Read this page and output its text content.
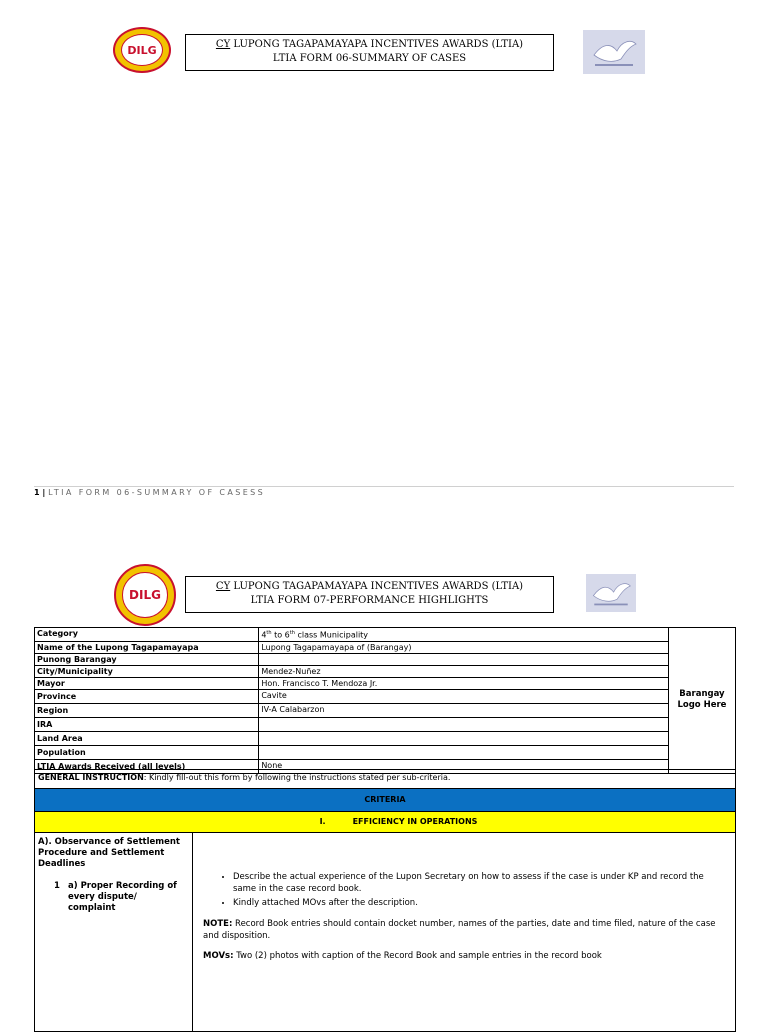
DILG	CY LUPONG TAGAPAMAYAPA INCENTIVES AWARDS (LTIA)
LTIA FORM 06-SUMMARY OF CASES
1 | LTIA FORM 06-SUMMARY OF CASESS
DILG
CY LUPONG TAGAPAMAYAPA INCENTIVES AWARDS (LTIA)
LTIA FORM 07-PERFORMANCE HIGHLIGHTS
Category	4th to 6th class Municipality	Barangay Logo Here
Name of the Lupong Tagapamayapa	Lupong Tagapamayapa of (Barangay)	
Punong Barangay		
City/Municipality	Mendez-Nuñez	
Mayor	Hon. Francisco T. Mendoza Jr.	
Province	Cavite	
Region	IV-A Calabarzon	
IRA		
Land Area		
Population		
LTIA Awards Received (all levels)	None	
GENERAL INSTRUCTION: Kindly fill-out this form by following the instructions stated per sub-criteria.
CRITERIA
I.	EFFICIENCY IN OPERATIONS
A). Observance of Settlement Procedure and Settlement Deadlines
1 a) Proper Recording of every dispute/ complaint
• Describe the actual experience of the Lupon Secretary on how to assess if the case is under KP and record the same in the case record book.
• Kindly attached MOvs after the description.

NOTE: Record Book entries should contain docket number, names of the parties, date and time filed, nature of the case and disposition.

MOVs: Two (2) photos with caption of the Record Book and sample entries in the record book
